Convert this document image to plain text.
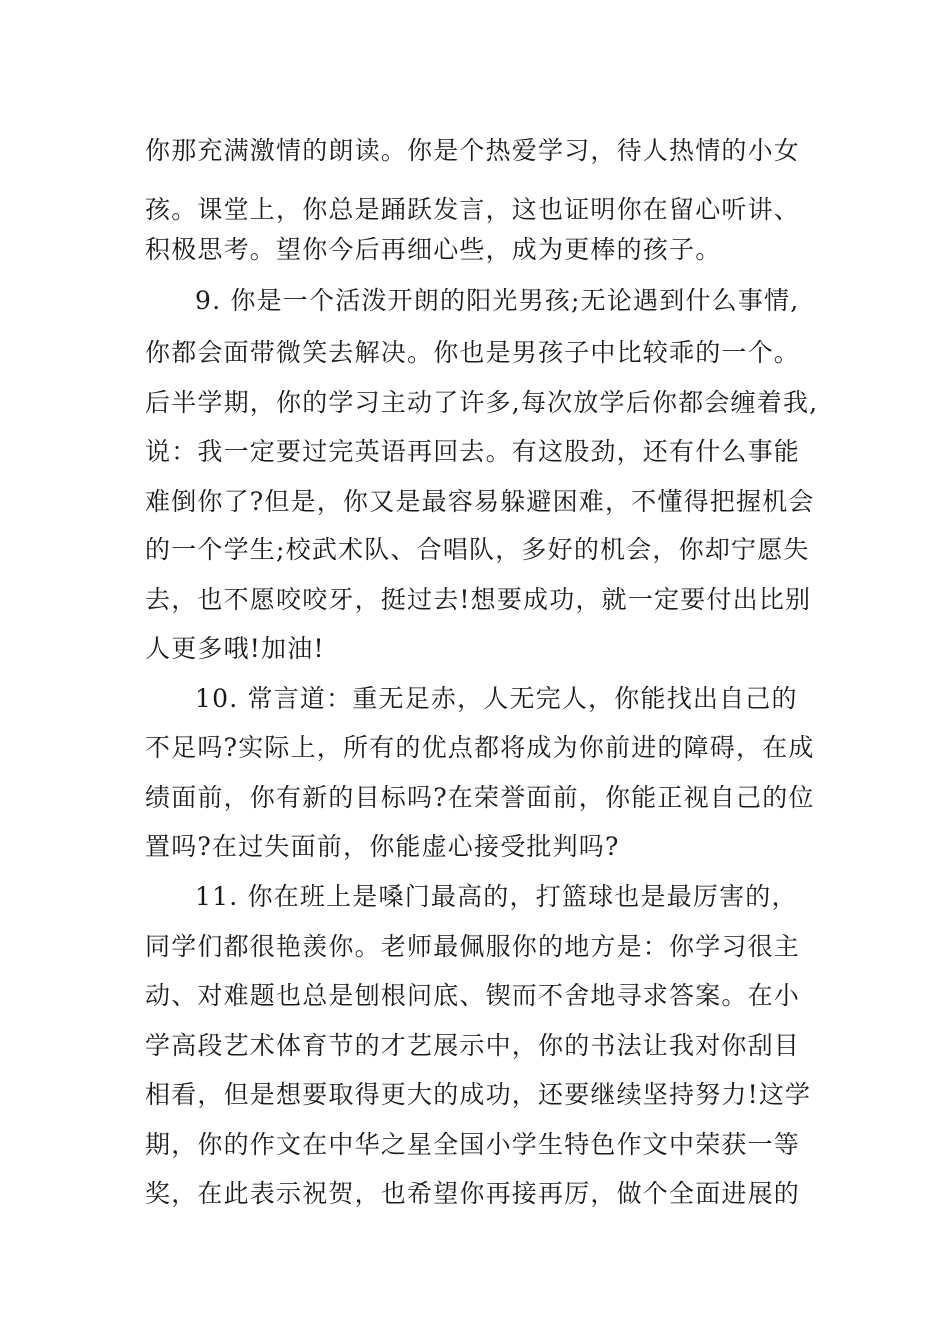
你那充满激情的朗读。你是个热爱学习，待人热情的小女
孩。课堂上，你总是踊跃发言，这也证明你在留心听讲、
积极思考。望你今后再细心些，成为更棒的孩子。
9. 你是一个活泼开朗的阳光男孩;无论遇到什么事情,
你都会面带微笑去解决。你也是男孩子中比较乖的一个。
后半学期，你的学习主动了许多,每次放学后你都会缠着我,
说：我一定要过完英语再回去。有这股劲，还有什么事能
难倒你了?但是，你又是最容易躲避困难，不懂得把握机会
的一个学生;校武术队、合唱队，多好的机会，你却宁愿失
去，也不愿咬咬牙，挺过去!想要成功，就一定要付出比别
人更多哦!加油!
10. 常言道：重无足赤，人无完人，你能找出自己的
不足吗?实际上，所有的优点都将成为你前进的障碍，在成
绩面前，你有新的目标吗?在荣誉面前，你能正视自己的位
置吗?在过失面前，你能虚心接受批判吗?
11. 你在班上是嗓门最高的，打篮球也是最厉害的，
同学们都很艳羡你。老师最佩服你的地方是：你学习很主
动、对难题也总是刨根问底、锲而不舍地寻求答案。在小
学高段艺术体育节的才艺展示中，你的书法让我对你刮目
相看，但是想要取得更大的成功，还要继续坚持努力!这学
期，你的作文在中华之星全国小学生特色作文中荣获一等
奖，在此表示祝贺，也希望你再接再厉，做个全面进展的
